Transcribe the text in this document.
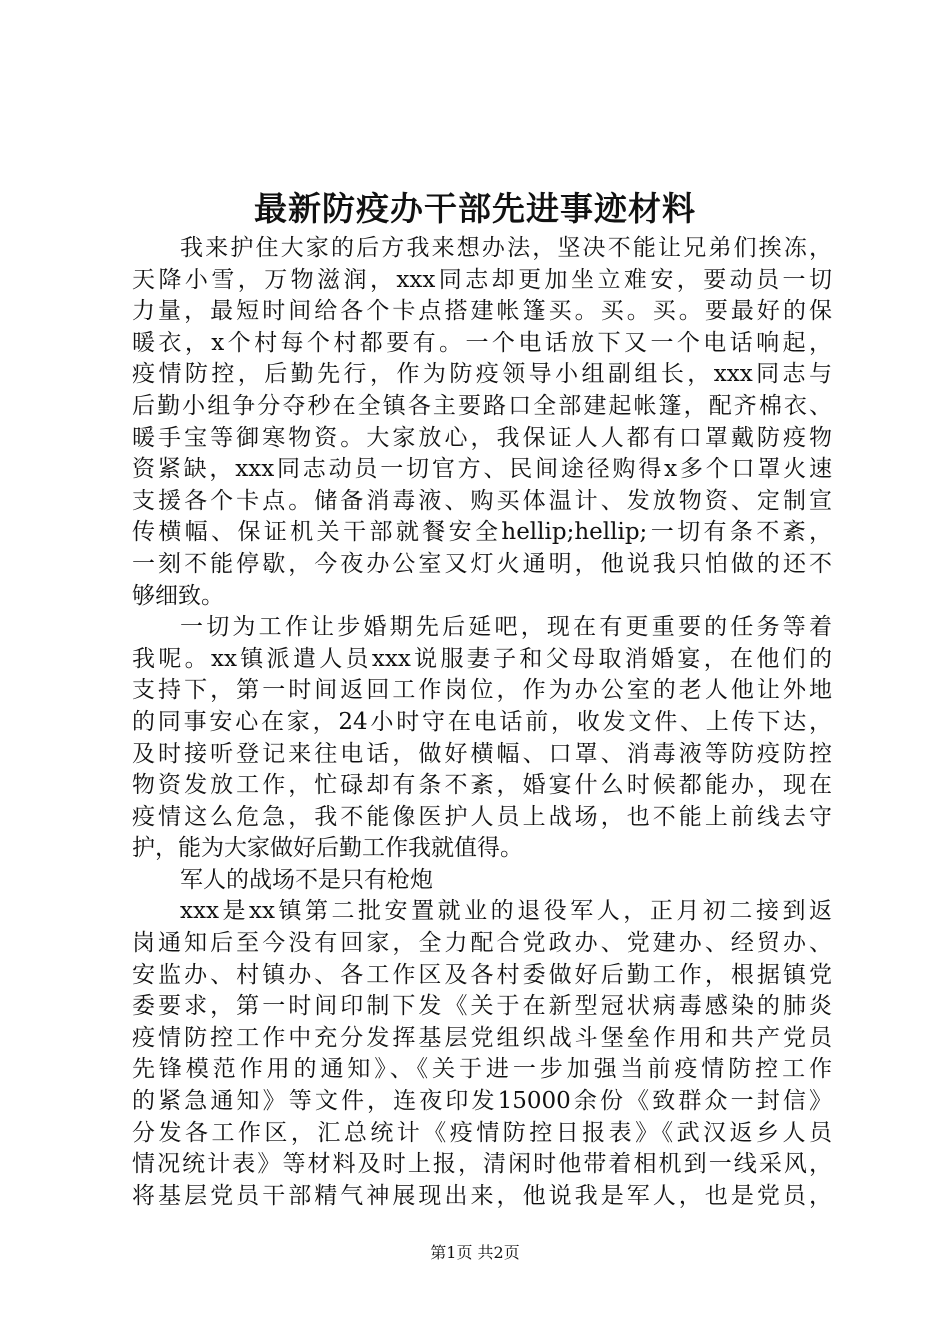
最新防疫办干部先进事迹材料
我来护住大家的后方我来想办法，坚决不能让兄弟们挨冻，
天降小雪，万物滋润，xxx同志却更加坐立难安，要动员一切
力量，最短时间给各个卡点搭建帐篷买。买。买。要最好的保
暖衣，x个村每个村都要有。一个电话放下又一个电话响起，
疫情防控，后勤先行，作为防疫领导小组副组长，xxx同志与
后勤小组争分夺秒在全镇各主要路口全部建起帐篷，配齐棉衣、
暖手宝等御寒物资。大家放心，我保证人人都有口罩戴防疫物
资紧缺，xxx同志动员一切官方、民间途径购得x多个口罩火速
支援各个卡点。储备消毒液、购买体温计、发放物资、定制宣
传横幅、保证机关干部就餐安全hellip;hellip;一切有条不紊，
一刻不能停歇，今夜办公室又灯火通明，他说我只怕做的还不
够细致。
一切为工作让步婚期先后延吧，现在有更重要的任务等着
我呢。xx镇派遣人员xxx说服妻子和父母取消婚宴，在他们的
支持下，第一时间返回工作岗位，作为办公室的老人他让外地
的同事安心在家，24小时守在电话前，收发文件、上传下达，
及时接听登记来往电话，做好横幅、口罩、消毒液等防疫防控
物资发放工作，忙碌却有条不紊，婚宴什么时候都能办，现在
疫情这么危急，我不能像医护人员上战场，也不能上前线去守
护，能为大家做好后勤工作我就值得。
军人的战场不是只有枪炮
xxx是xx镇第二批安置就业的退役军人，正月初二接到返
岗通知后至今没有回家，全力配合党政办、党建办、经贸办、
安监办、村镇办、各工作区及各村委做好后勤工作，根据镇党
委要求，第一时间印制下发《关于在新型冠状病毒感染的肺炎
疫情防控工作中充分发挥基层党组织战斗堡垒作用和共产党员
先锋模范作用的通知》、《关于进一步加强当前疫情防控工作
的紧急通知》等文件，连夜印发15000余份《致群众一封信》
分发各工作区，汇总统计《疫情防控日报表》《武汉返乡人员
情况统计表》等材料及时上报，清闲时他带着相机到一线采风，
将基层党员干部精气神展现出来，他说我是军人，也是党员，
第1页 共2页
